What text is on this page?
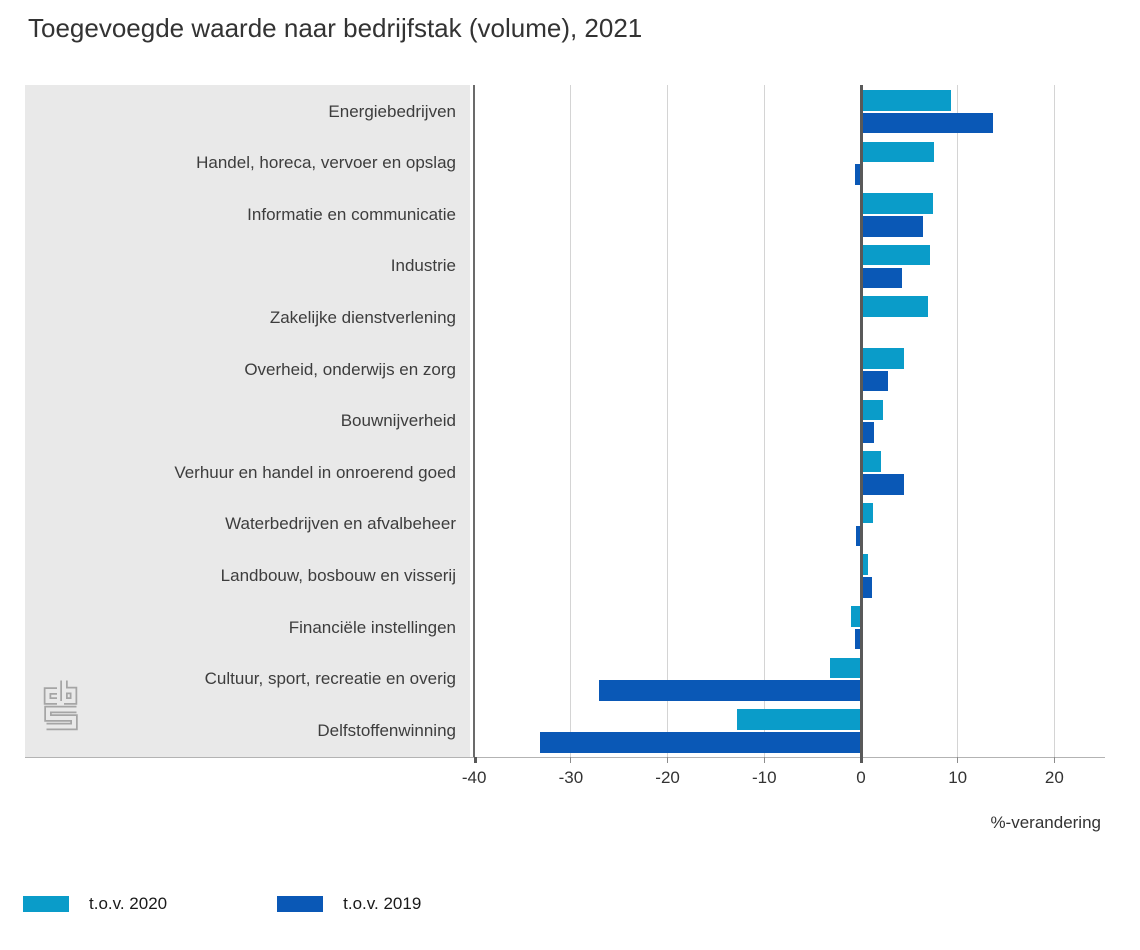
Toegevoegde waarde naar bedrijfstak (volume), 2021
%-verandering
t.o.v. 2020	t.o.v. 2019
-40	-30	-20	-10	0	10	20
Energiebedrijven
Handel, horeca, vervoer en opslag
Informatie en communicatie
Industrie
Zakelijke dienstverlening
Overheid, onderwijs en zorg
Bouwnijverheid
Verhuur en handel in onroerend goed
Waterbedrijven en afvalbeheer
Landbouw, bosbouw en visserij
Financiële instellingen
Cultuur, sport, recreatie en overig
Delfstoffenwinning
